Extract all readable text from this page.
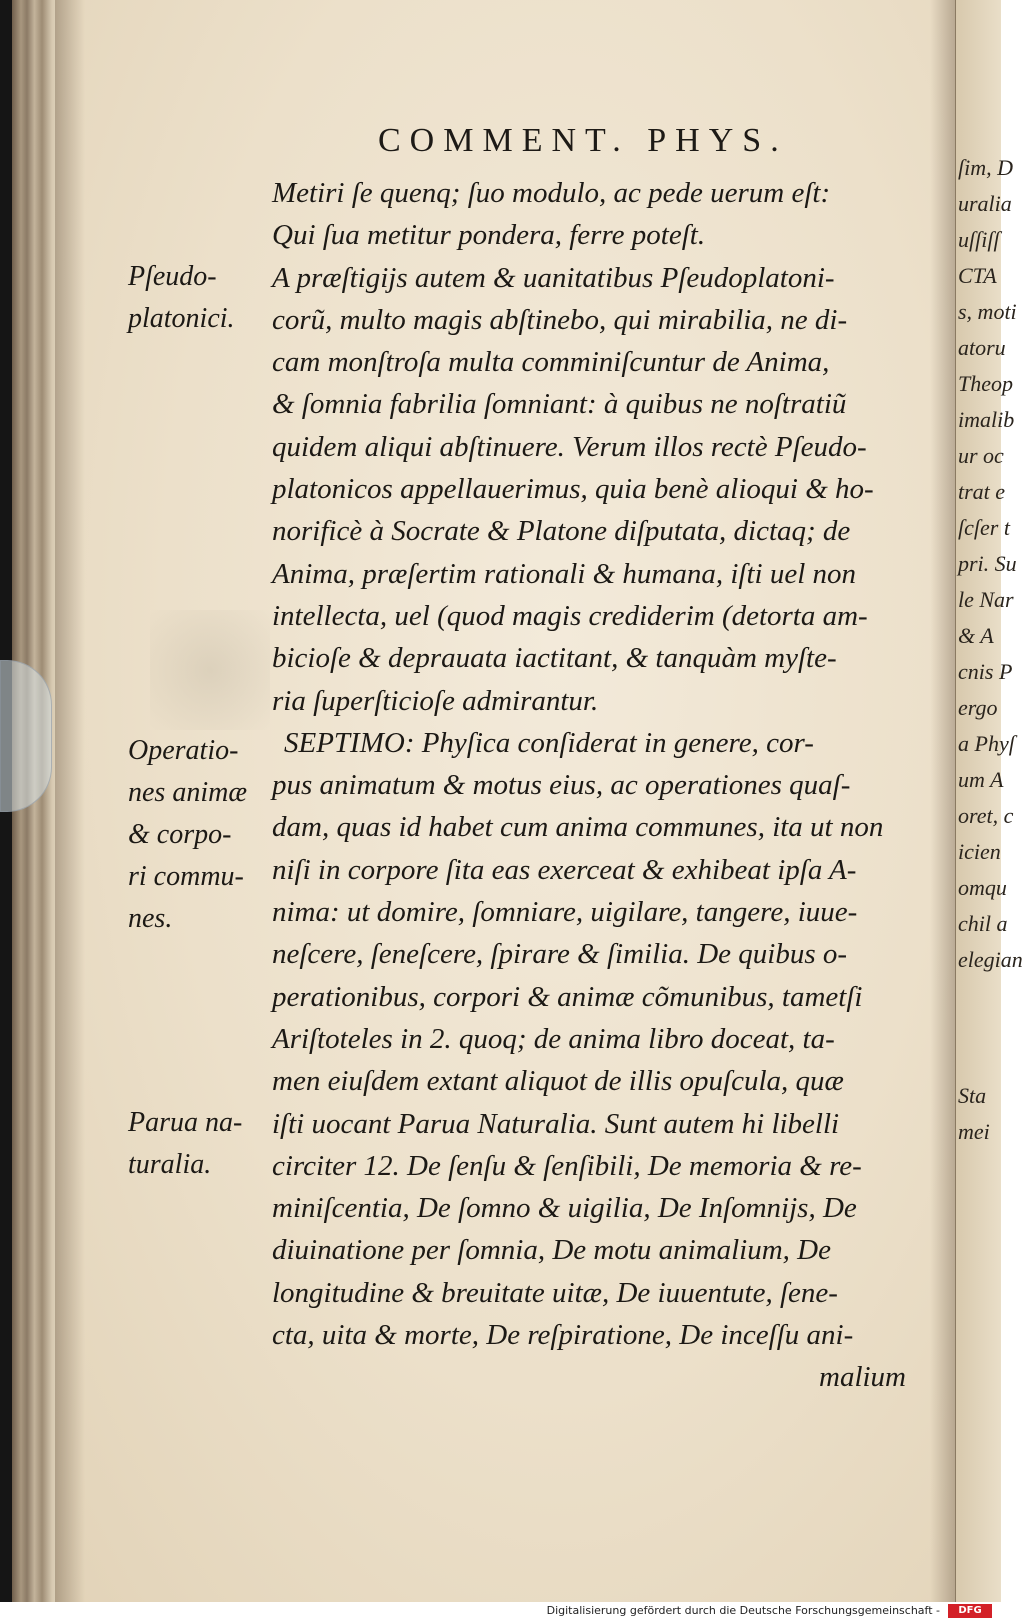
COMMENT. PHYS.
Metiri ſe quenq; ſuo modulo, ac pede uerum eſt:
Qui ſua metitur pondera, ferre poteſt.
A præſtigijs autem & uanitatibus Pſeudoplatoni-
corũ, multo magis abſtinebo, qui mirabilia, ne di-
cam monſtroſa multa comminiſcuntur de Anima,
& ſomnia fabrilia ſomniant: à quibus ne noſtratiũ
quidem aliqui abſtinuere. Verum illos rectè Pſeudo-
platonicos appellauerimus, quia benè alioqui & ho-
norificè à Socrate & Platone diſputata, dictaq; de
Anima, præſertim rationali & humana, iſti uel non
intellecta, uel (quod magis crediderim (detorta am-
bicioſe & deprauata iactitant, & tanquàm myſte-
ria ſuperſticioſe admirantur.
SEPTIMO: Phyſica conſiderat in genere, cor-
pus animatum & motus eius, ac operationes quaſ-
dam, quas id habet cum anima communes, ita ut non
niſi in corpore ſita eas exerceat & exhibeat ipſa A-
nima: ut domire, ſomniare, uigilare, tangere, iuue-
neſcere, ſeneſcere, ſpirare & ſimilia. De quibus o-
perationibus, corpori & animæ cõmunibus, tametſi
Ariſtoteles in 2. quoq; de anima libro doceat, ta-
men eiuſdem extant aliquot de illis opuſcula, quæ
iſti uocant Parua Naturalia. Sunt autem hi libelli
circiter 12. De ſenſu & ſenſibili, De memoria & re-
miniſcentia, De ſomno & uigilia, De Inſomnijs, De
diuinatione per ſomnia, De motu animalium, De
longitudine & breuitate uitæ, De iuuentute, ſene-
cta, uita & morte, De reſpiratione, De inceſſu ani-
malium
Pſeudo-
platonici.
Operatio-
nes animæ
& corpo-
ri commu-
nes.
Parua na-
turalia.
ſim, D
uralia
uſſiſſ
CTA
s, moti
atoru
Theop
imalib
ur oc
trat e
ſcſer t
pri. Su
le Nar
& A
cnis P
ergo
a Phyſ
um A
oret, c
icien
omqu
chil a
elegian
Sta
mei
Digitalisierung gefördert durch die Deutsche Forschungsgemeinschaft -	DFG
